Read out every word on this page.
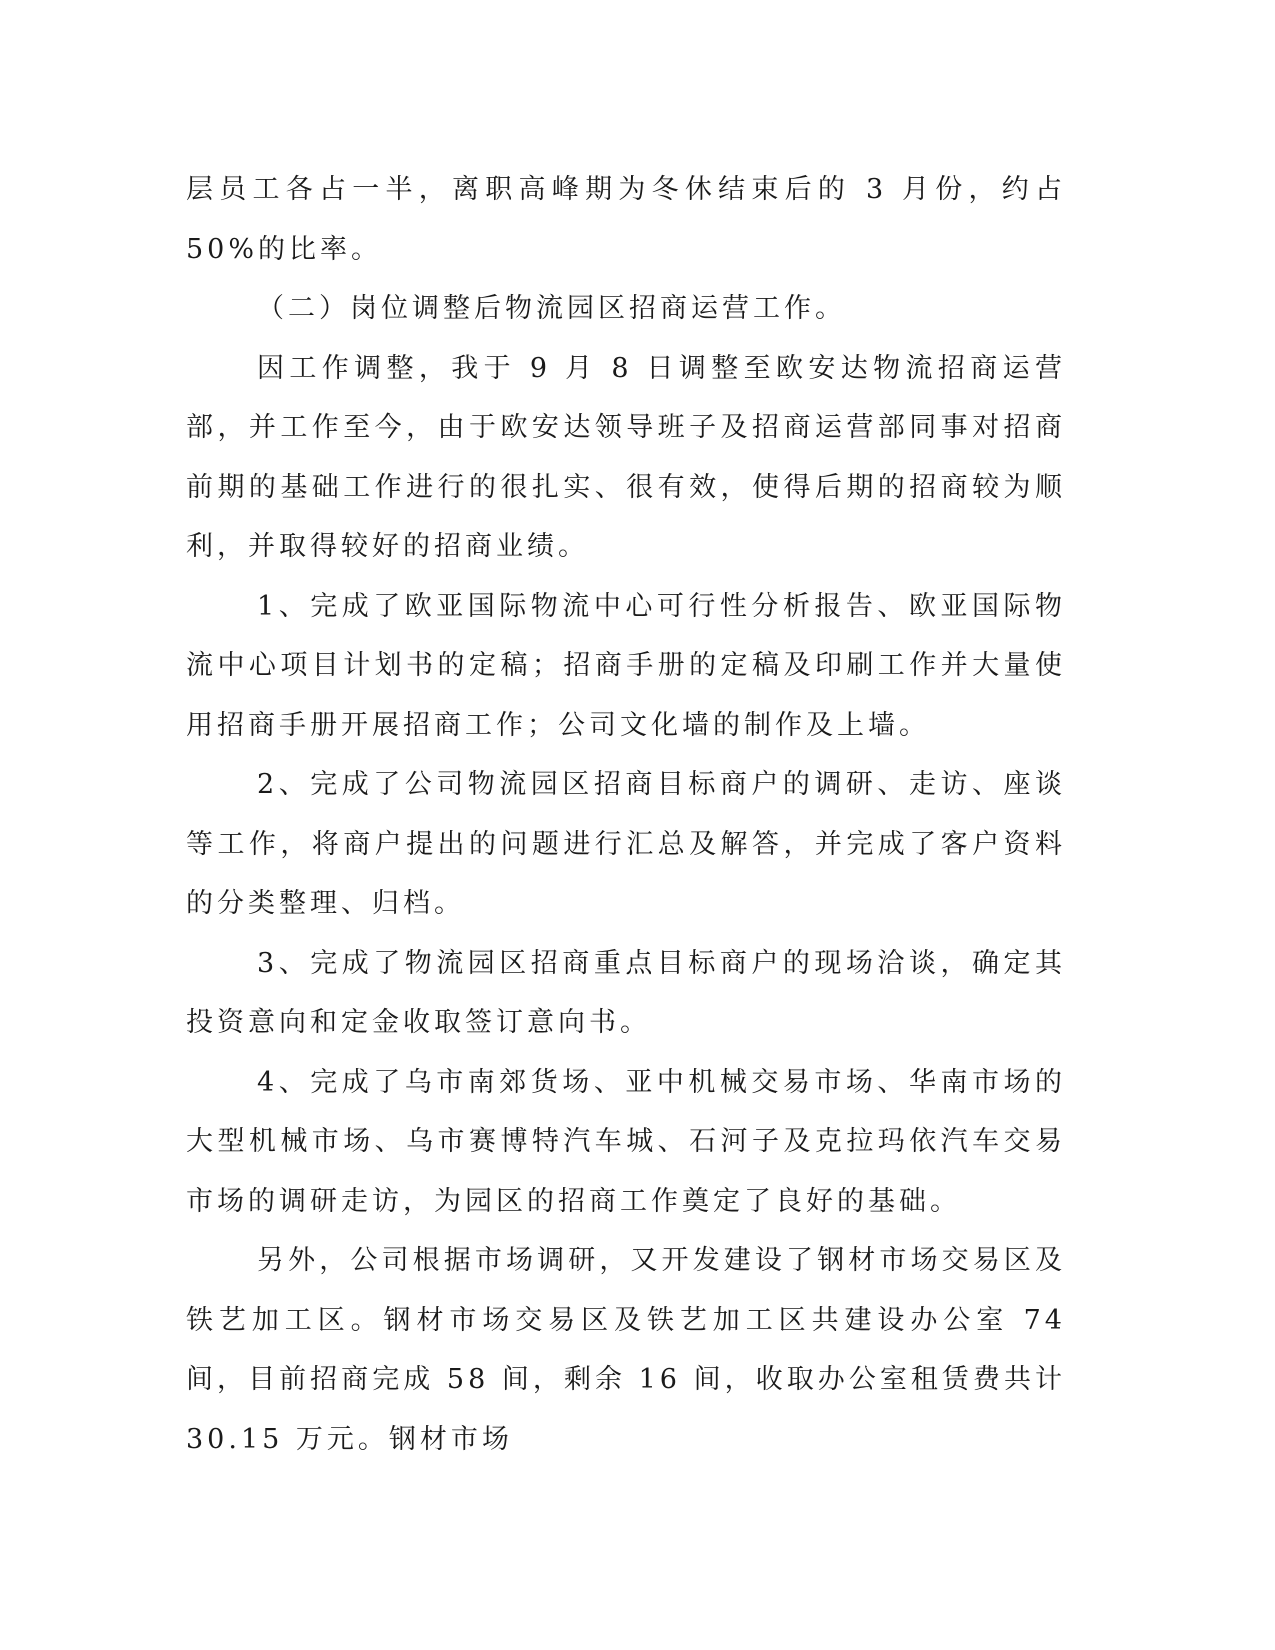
层员工各占一半，离职高峰期为冬休结束后的 3 月份，约占 50%的比率。

（二）岗位调整后物流园区招商运营工作。

因工作调整，我于 9 月 8 日调整至欧安达物流招商运营部，并工作至今，由于欧安达领导班子及招商运营部同事对招商前期的基础工作进行的很扎实、很有效，使得后期的招商较为顺利，并取得较好的招商业绩。

1、完成了欧亚国际物流中心可行性分析报告、欧亚国际物流中心项目计划书的定稿；招商手册的定稿及印刷工作并大量使用招商手册开展招商工作；公司文化墙的制作及上墙。

2、完成了公司物流园区招商目标商户的调研、走访、座谈等工作，将商户提出的问题进行汇总及解答，并完成了客户资料的分类整理、归档。

3、完成了物流园区招商重点目标商户的现场洽谈，确定其投资意向和定金收取签订意向书。

4、完成了乌市南郊货场、亚中机械交易市场、华南市场的大型机械市场、乌市赛博特汽车城、石河子及克拉玛依汽车交易市场的调研走访，为园区的招商工作奠定了良好的基础。

另外，公司根据市场调研，又开发建设了钢材市场交易区及铁艺加工区。钢材市场交易区及铁艺加工区共建设办公室 74 间，目前招商完成 58 间，剩余 16 间，收取办公室租赁费共计 30.15 万元。钢材市场
